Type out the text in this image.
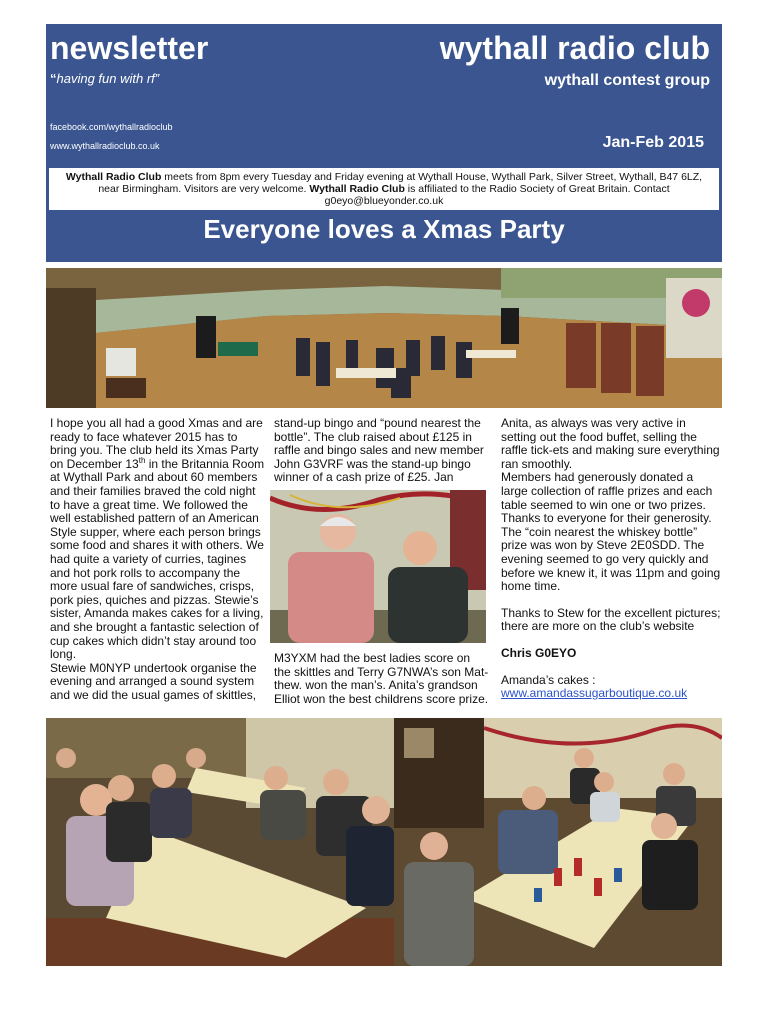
newsletter
“having fun with rf”
wythall radio club
wythall contest group
facebook.com/wythallradioclub
www.wythallradioclub.co.uk	Jan-Feb 2015
Wythall Radio Club meets from 8pm every Tuesday and Friday evening at Wythall House, Wythall Park, Silver Street, Wythall, B47 6LZ, near Birmingham. Visitors are very welcome. Wythall Radio Club is affiliated to the Radio Society of Great Britain. Contact g0eyo@blueyonder.co.uk
Everyone loves a Xmas Party

I hope you all had a good Xmas and are ready to face whatever 2015 has to bring you. The club held its Xmas Party on December 13th in the Britannia Room at Wythall Park and about 60 members and their families braved the cold night to have a great time. We followed the well established pattern of an American Style supper, where each person brings some food and shares it with others. We had quite a variety of curries, tagines and hot pork rolls to accompany the more usual fare of sandwiches, crisps, pork pies, quiches and pizzas. Stewie’s sister, Amanda makes cakes for a living, and she brought a fantastic selection of cup cakes which didn’t stay around too long.

Stewie M0NYP undertook organise the evening and arranged a sound system and we did the usual games of skittles,

stand-up bingo and “pound nearest the bottle”. The club raised about £125 in raffle and bingo sales and new member John G3VRF was the stand-up bingo winner of a cash prize of £25. Jan

M3YXM had the best ladies score on the skittles and Terry G7NWA’s son Mat-thew. won the man’s. Anita’s grandson Elliot won the best childrens score prize.

Anita, as always was very active in setting out the food buffet, selling the raffle tick-ets and making sure everything ran smoothly.

Members had generously donated a large collection of raffle prizes and each table seemed to win one or two prizes. Thanks to everyone for their generosity. The “coin nearest the whiskey bottle” prize was won by Steve 2E0SDD. The evening seemed to go very quickly and before we knew it, it was 11pm and going home time.

Thanks to Stew for the excellent pictures; there are more on the club’s website

Chris G0EYO

Amanda’s cakes :

www.amandassugarboutique.co.uk
